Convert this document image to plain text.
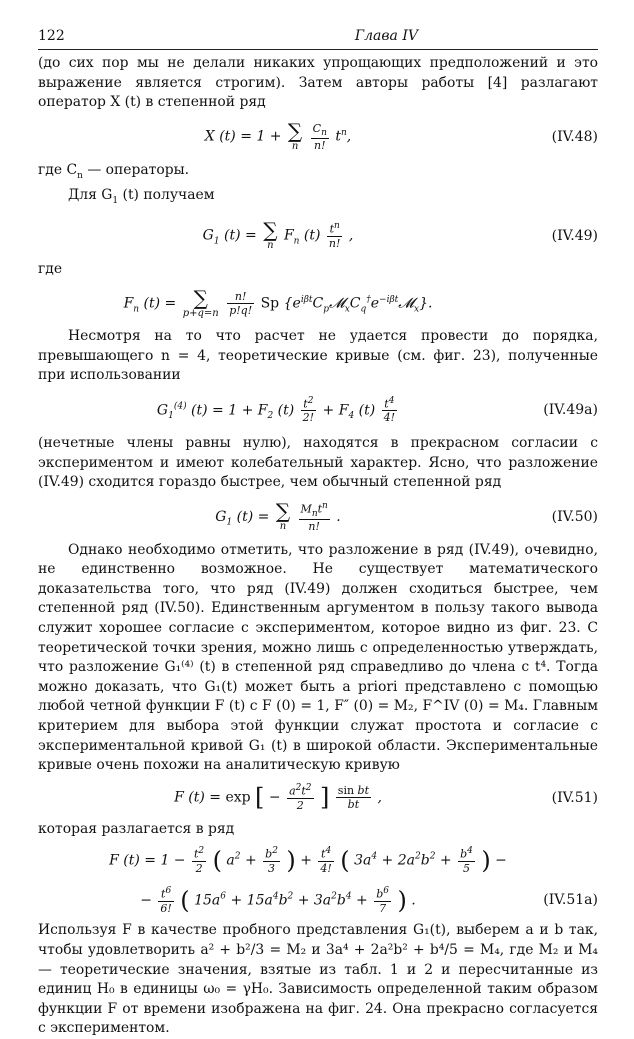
122	Глава IV

(до сих пор мы не делали никаких упрощающих предположений и это выражение является строгим). Затем авторы работы [4] разлагают оператор X (t) в степенной ряд

X (t) = 1 + ∑
n
	$\frac{C_n}{n!} t^n$,	(IV.48)

где $C_n$ — операторы.

Для $G_1$ (t) получаем

$G_1$ (t) = ∑
n
$F_n$ $(t) \frac{t^n}{n!}$ ,	(IV.49)

где

$F_n$ (t) = ∑
p+q=n
$\frac{n!}{p!q!}$ Sp $\{e^{i\beta t}C_p𝓜_xC_q^\dagger e^{-i\beta t}𝓜_x\}$.

Несмотря на то что расчет не удается провести до порядка, превышающего n = 4, теоретические кривые (см. фиг. 23), полученные при использовании

$G_1^{(4)}$ $(t) = 1 + F_2$ $(t) \frac{t^2}{2!} + F_4$ $(t) \frac{t^4}{4!}$	(IV.49a)

(нечетные члены равны нулю), находятся в прекрасном согласии с экспериментом и имеют колебательный характер. Ясно, что разложение (IV.49) сходится гораздо быстрее, чем обычный степенной ряд

$G_1$ (t) = ∑
n
	$\frac{M_nt^n}{n!}$ .	(IV.50)

Однако необходимо отметить, что разложение в ряд (IV.49), очевидно, не единственно возможное. Не существует математического доказательства того, что ряд (IV.49) должен сходиться быстрее, чем степенной ряд (IV.50). Единственным аргументом в пользу такого вывода служит хорошее согласие с экспериментом, которое видно из фиг. 23. С теоретической точки зрения, можно лишь с определенностью утверждать, что разложение G₁⁽⁴⁾ (t) в степенной ряд справедливо до члена с t⁴. Тогда можно доказать, что G₁(t) может быть a priori представлено с помощью любой четной функции F (t) с F (0) = 1, F″ (0) = M₂, F^IV (0) = M₄. Главным критерием для выбора этой функции служат простота и согласие с экспериментальной кривой G₁ (t) в широкой области. Экспериментальные кривые очень похожи на аналитическую кривую

F (t) = exp [ − $\frac{a^2t^2}{2}$ ] $\frac{\text{sin bt}}{bt}$ ,	(IV.51)

которая разлагается в ряд

F $(t) = 1 - \frac{t^2}{2}$ ( $a^2 + \frac{b^2}{3}$ ) + $\frac{t^4}{4!}$ ( $3a^4 + 2a^2b^2 + \frac{b^4}{5}$ ) −
− $\frac{t^6}{6!}$ ( $15a^6 + 15a^4b^2 + 3a^2b^4 + \frac{b^6}{7}$ ) .	(IV.51a)

Используя F в качестве пробного представления G₁(t), выберем a и b так, чтобы удовлетворить a² + b²/3 = M₂ и 3a⁴ + 2a²b² + b⁴/5 = M₄, где M₂ и M₄ — теоретические значения, взятые из табл. 1 и 2 и пересчитанные из единиц H₀ в единицы ω₀ = γH₀. Зависимость определенной таким образом функции F от времени изображена на фиг. 24. Она прекрасно согласуется с экспериментом.
